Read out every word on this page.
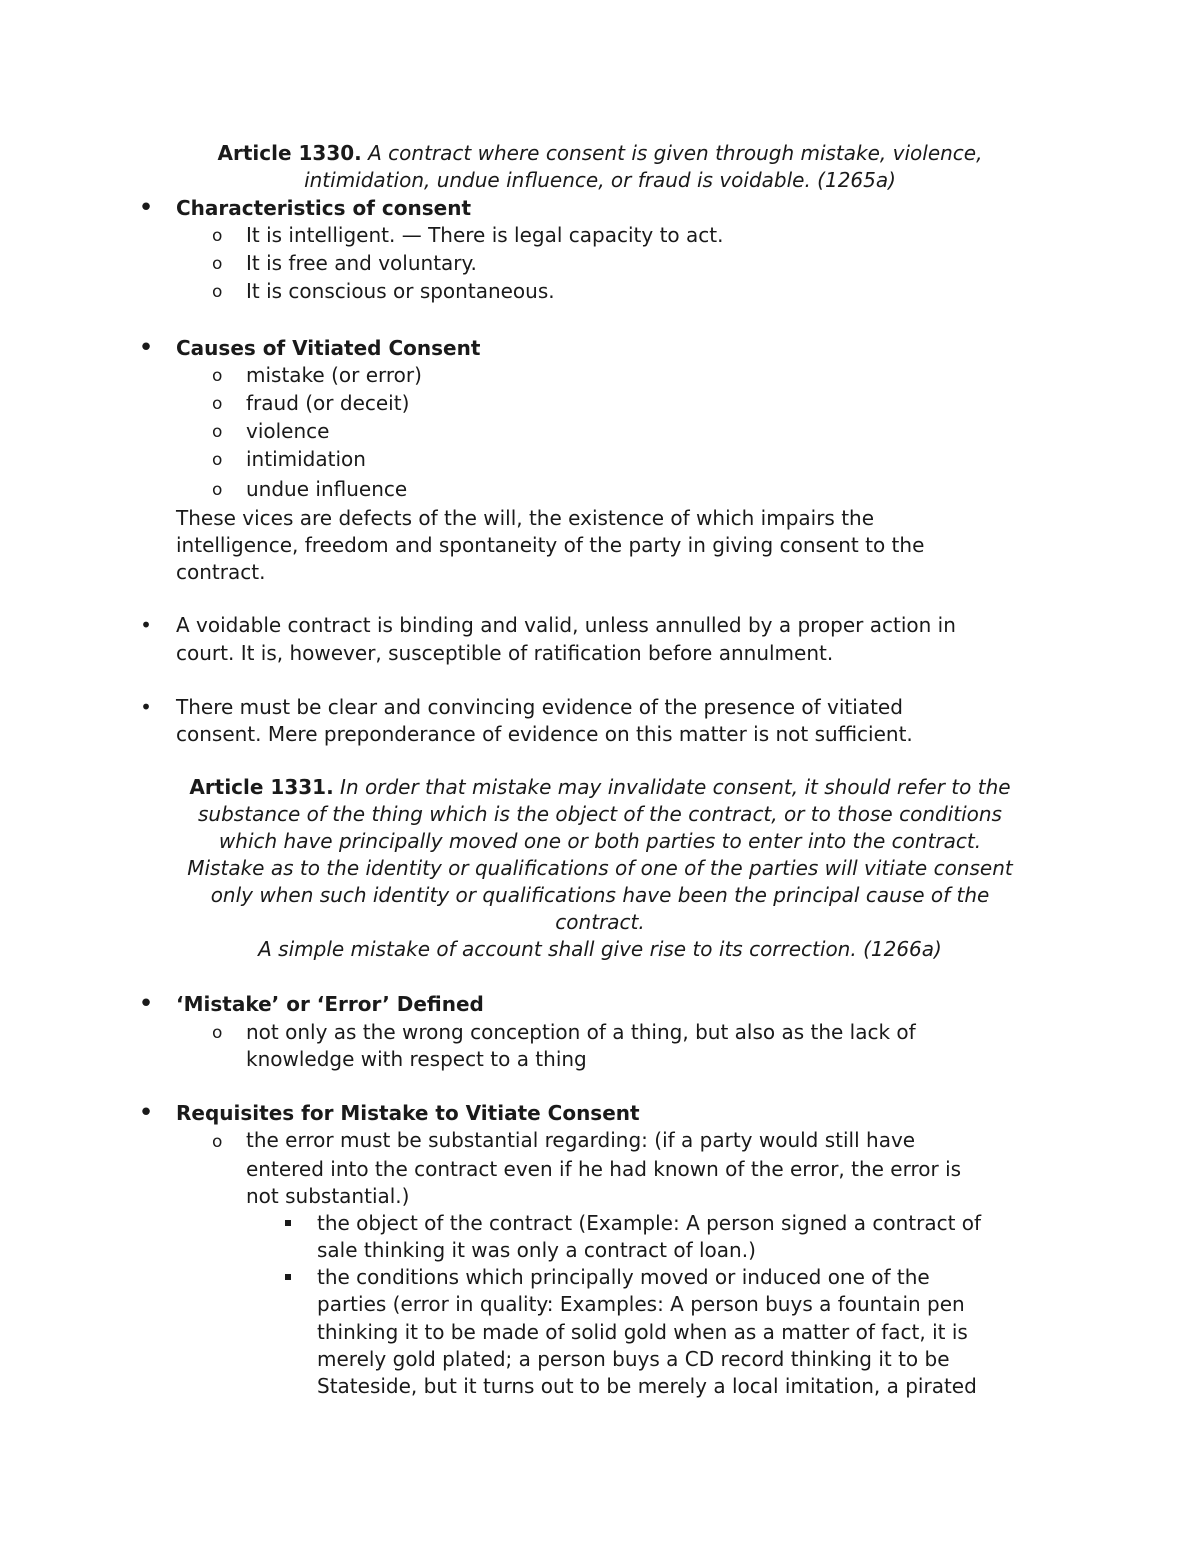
Article 1330. A contract where consent is given through mistake, violence,
intimidation, undue influence, or fraud is voidable. (1265a)
• Characteristics of consent
o It is intelligent. — There is legal capacity to act.
o It is free and voluntary.
o It is conscious or spontaneous.
• Causes of Vitiated Consent
o mistake (or error)
o fraud (or deceit)
o violence
o intimidation
o undue influence
These vices are defects of the will, the existence of which impairs the
intelligence, freedom and spontaneity of the party in giving consent to the
contract.
• A voidable contract is binding and valid, unless annulled by a proper action in
court. It is, however, susceptible of ratification before annulment.
• There must be clear and convincing evidence of the presence of vitiated
consent. Mere preponderance of evidence on this matter is not sufficient.
Article 1331. In order that mistake may invalidate consent, it should refer to the
substance of the thing which is the object of the contract, or to those conditions
which have principally moved one or both parties to enter into the contract.
Mistake as to the identity or qualifications of one of the parties will vitiate consent
only when such identity or qualifications have been the principal cause of the
contract.
A simple mistake of account shall give rise to its correction. (1266a)
• ‘Mistake’ or ‘Error’ Defined
o not only as the wrong conception of a thing, but also as the lack of
knowledge with respect to a thing
• Requisites for Mistake to Vitiate Consent
o the error must be substantial regarding: (if a party would still have
entered into the contract even if he had known of the error, the error is
not substantial.)
the object of the contract (Example: A person signed a contract of
sale thinking it was only a contract of loan.)
the conditions which principally moved or induced one of the
parties (error in quality: Examples: A person buys a fountain pen
thinking it to be made of solid gold when as a matter of fact, it is
merely gold plated; a person buys a CD record thinking it to be
Stateside, but it turns out to be merely a local imitation, a pirated
